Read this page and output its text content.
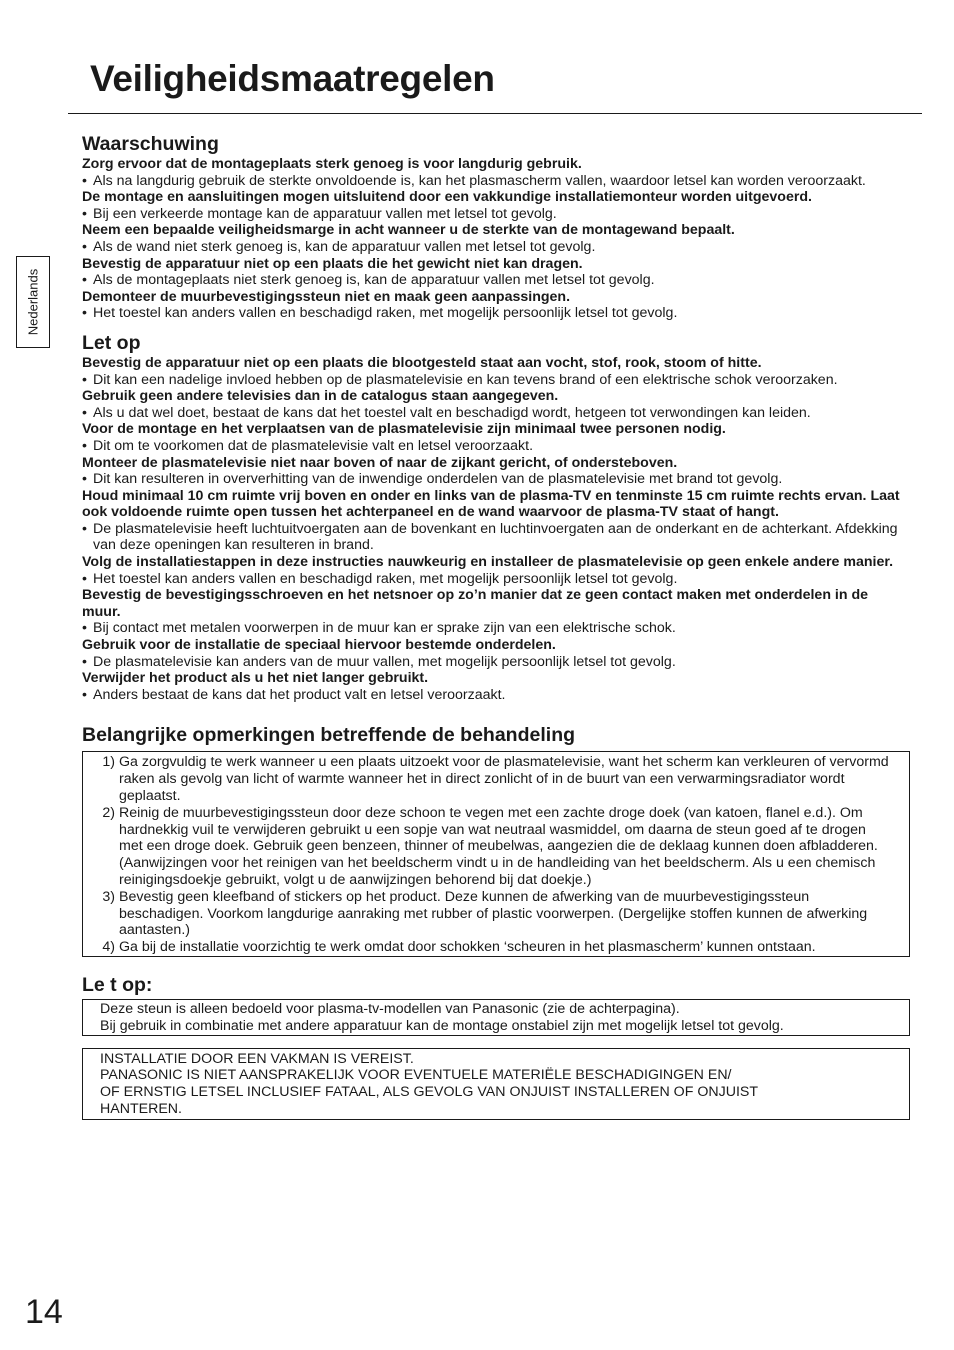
Veiligheidsmaatregelen
Nederlands
Waarschuwing

Zorg ervoor dat de montageplaats sterk genoeg is voor langdurig gebruik.

• Als na langdurig gebruik de sterkte onvoldoende is, kan het plasmascherm vallen, waardoor letsel kan worden veroorzaakt.

De montage en aansluitingen mogen uitsluitend door een vakkundige installatiemonteur worden uitgevoerd.

• Bij een verkeerde montage kan de apparatuur vallen met letsel tot gevolg.

Neem een bepaalde veiligheidsmarge in acht wanneer u de sterkte van de montagewand bepaalt.

• Als de wand niet sterk genoeg is, kan de apparatuur vallen met letsel tot gevolg.

Bevestig de apparatuur niet op een plaats die het gewicht niet kan dragen.

• Als de montageplaats niet sterk genoeg is, kan de apparatuur vallen met letsel tot gevolg.

Demonteer de muurbevestigingssteun niet en maak geen aanpassingen.

• Het toestel kan anders vallen en beschadigd raken, met mogelijk persoonlijk letsel tot gevolg.
Let op

Bevestig de apparatuur niet op een plaats die blootgesteld staat aan vocht, stof, rook, stoom of hitte.

• Dit kan een nadelige invloed hebben op de plasmatelevisie en kan tevens brand of een elektrische schok veroorzaken.

Gebruik geen andere televisies dan in de catalogus staan aangegeven.

• Als u dat wel doet, bestaat de kans dat het toestel valt en beschadigd wordt, hetgeen tot verwondingen kan leiden.

Voor de montage en het verplaatsen van de plasmatelevisie zijn minimaal twee personen nodig.

• Dit om te voorkomen dat de plasmatelevisie valt en letsel veroorzaakt.

Monteer de plasmatelevisie niet naar boven of naar de zijkant gericht, of ondersteboven.

• Dit kan resulteren in oververhitting van de inwendige onderdelen van de plasmatelevisie met brand tot gevolg.

Houd minimaal 10 cm ruimte vrij boven en onder en links van de plasma-TV en tenminste 15 cm ruimte rechts ervan. Laat ook voldoende ruimte open tussen het achterpaneel en de wand waarvoor de plasma-TV staat of hangt.

• De plasmatelevisie heeft luchtuitvoergaten aan de bovenkant en luchtinvoergaten aan de onderkant en de achterkant. Afdekking van deze openingen kan resulteren in brand.

Volg de installatiestappen in deze instructies nauwkeurig en installeer de plasmatelevisie op geen enkele andere manier.

• Het toestel kan anders vallen en beschadigd raken, met mogelijk persoonlijk letsel tot gevolg.

Bevestig de bevestigingsschroeven en het netsnoer op zo’n manier dat ze geen contact maken met onderdelen in de muur.

• Bij contact met metalen voorwerpen in de muur kan er sprake zijn van een elektrische schok.

Gebruik voor de installatie de speciaal hiervoor bestemde onderdelen.

• De plasmatelevisie kan anders van de muur vallen, met mogelijk persoonlijk letsel tot gevolg.

Verwijder het product als u het niet langer gebruikt.

• Anders bestaat de kans dat het product valt en letsel veroorzaakt.
Belangrijke opmerkingen betreffende de behandeling
1) Ga zorgvuldig te werk wanneer u een plaats uitzoekt voor de plasmatelevisie, want het scherm kan verkleuren of vervormd raken als gevolg van licht of warmte wanneer het in direct zonlicht of in de buurt van een verwarmingsradiator wordt geplaatst.

2) Reinig de muurbevestigingssteun door deze schoon te vegen met een zachte droge doek (van katoen, flanel e.d.). Om hardnekkig vuil te verwijderen gebruikt u een sopje van wat neutraal wasmiddel, om daarna de steun goed af te drogen met een droge doek. Gebruik geen benzeen, thinner of meubelwas, aangezien die de deklaag kunnen doen afbladderen.

(Aanwijzingen voor het reinigen van het beeldscherm vindt u in de handleiding van het beeldscherm. Als u een chemisch reinigingsdoekje gebruikt, volgt u de aanwijzingen behorend bij dat doekje.)

3) Bevestig geen kleefband of stickers op het product. Deze kunnen de afwerking van de muurbevestigingssteun beschadigen. Voorkom langdurige aanraking met rubber of plastic voorwerpen. (Dergelijke stoffen kunnen de afwerking aantasten.)

4) Ga bij de installatie voorzichtig te werk omdat door schokken ‘scheuren in het plasmascherm’ kunnen ontstaan.

Le t op:
Deze steun is alleen bedoeld voor plasma-tv-modellen van Panasonic (zie de achterpagina).
Bij gebruik in combinatie met andere apparatuur kan de montage onstabiel zijn met mogelijk letsel tot gevolg.
INSTALLATIE DOOR EEN VAKMAN IS VEREIST.
PANASONIC IS NIET AANSPRAKELIJK VOOR EVENTUELE MATERIËLE BESCHADIGINGEN EN/
OF ERNSTIG LETSEL INCLUSIEF FATAAL, ALS GEVOLG VAN ONJUIST INSTALLEREN OF ONJUIST
HANTEREN.
14
